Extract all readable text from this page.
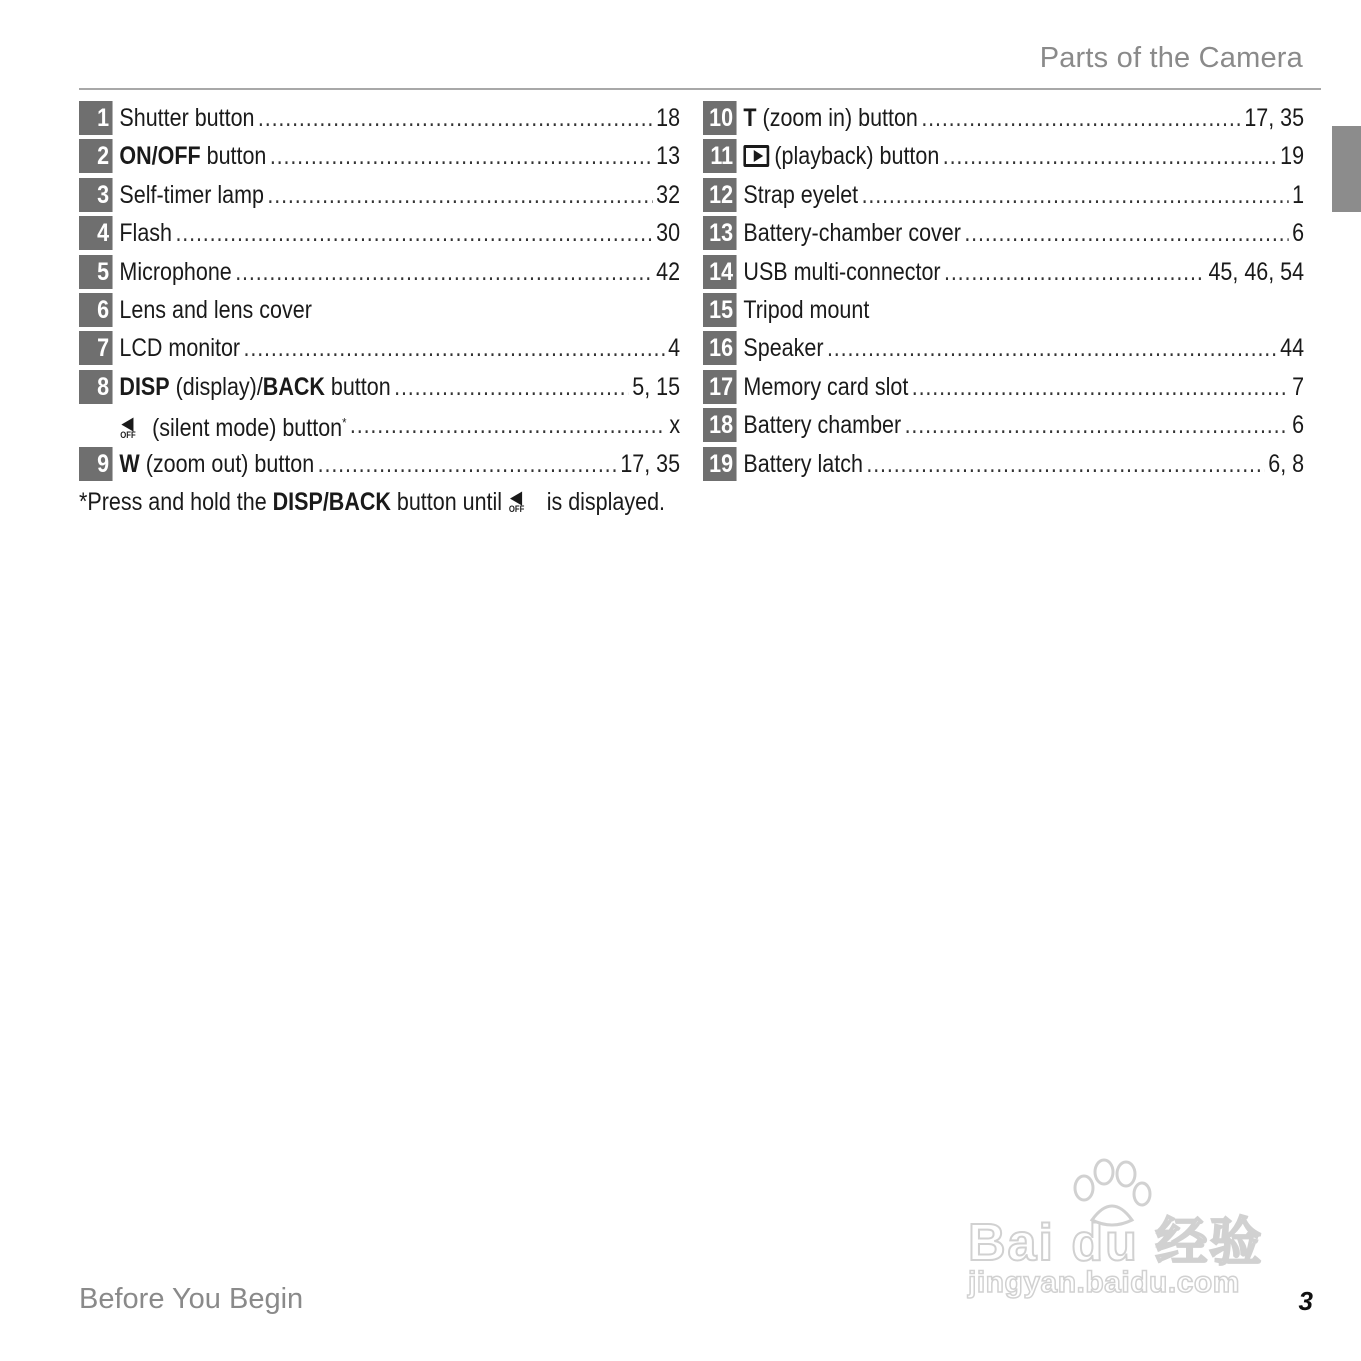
Parts of the Camera
1 Shutter button .....	18
2 ON/OFF button .....	13
3 Self-timer lamp .....	32
4 Flash .....	30
5 Microphone .....	42
6 Lens and lens cover
7 LCD monitor .....	4
8 DISP (display)/BACK button .....	5, 15
◀
OFF (silent mode) button* .....	x
9 W (zoom out) button .....	17, 35
*Press and hold the DISP/BACK button until ◀
OFF is displayed.
10 T (zoom in) button .....	17, 35
11	(playback) button .....	19
12 Strap eyelet .....	1
13 Battery-chamber cover .....	6
14 USB multi-connector .....	45, 46, 54
15 Tripod mount
16 Speaker .....	44
17 Memory card slot .....	7
18 Battery chamber .....	6
19 Battery latch .....	6, 8
Before You Begin	3
Bai du 经验
jingyan.baidu.com
